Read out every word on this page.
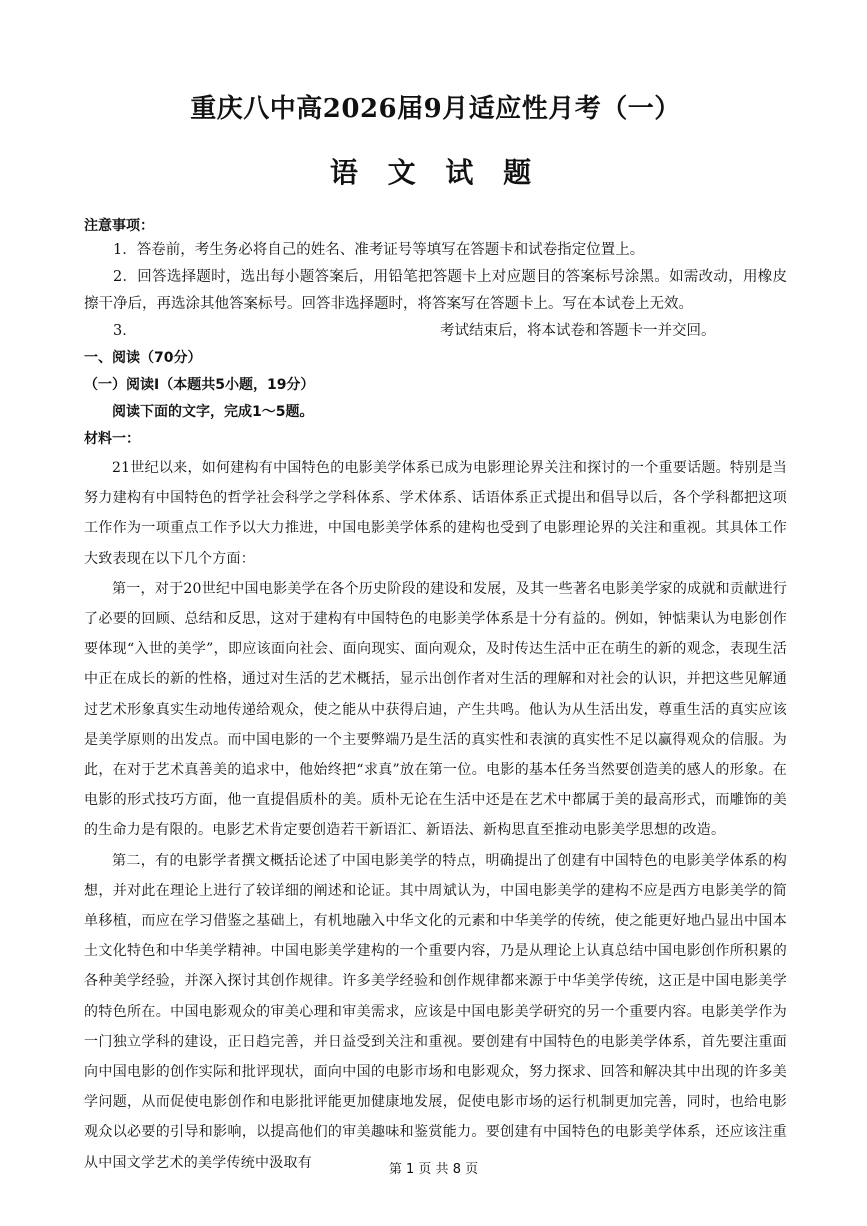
重庆八中高2026届9月适应性月考（一）
语 文 试 题
注意事项：

1．答卷前，考生务必将自己的姓名、准考证号等填写在答题卡和试卷指定位置上。

2．回答选择题时，选出每小题答案后，用铅笔把答题卡上对应题目的答案标号涂黑。如需改动，用橡皮擦干净后，再选涂其他答案标号。回答非选择题时，将答案写在答题卡上。写在本试卷上无效。

3．	考试结束后，将本试卷和答题卡一并交回。
一、阅读（70分）
（一）阅读Ⅰ（本题共5小题，19分）
阅读下面的文字，完成1～5题。
材料一：

21世纪以来，如何建构有中国特色的电影美学体系已成为电影理论界关注和探讨的一个重要话题。特别是当努力建构有中国特色的哲学社会科学之学科体系、学术体系、话语体系正式提出和倡导以后，各个学科都把这项工作作为一项重点工作予以大力推进，中国电影美学体系的建构也受到了电影理论界的关注和重视。其具体工作大致表现在以下几个方面：

第一，对于20世纪中国电影美学在各个历史阶段的建设和发展，及其一些著名电影美学家的成就和贡献进行了必要的回顾、总结和反思，这对于建构有中国特色的电影美学体系是十分有益的。例如，钟惦棐认为电影创作要体现“入世的美学”，即应该面向社会、面向现实、面向观众，及时传达生活中正在萌生的新的观念，表现生活中正在成长的新的性格，通过对生活的艺术概括，显示出创作者对生活的理解和对社会的认识，并把这些见解通过艺术形象真实生动地传递给观众，使之能从中获得启迪，产生共鸣。他认为从生活出发，尊重生活的真实应该是美学原则的出发点。而中国电影的一个主要弊端乃是生活的真实性和表演的真实性不足以赢得观众的信服。为此，在对于艺术真善美的追求中，他始终把“求真”放在第一位。电影的基本任务当然要创造美的感人的形象。在电影的形式技巧方面，他一直提倡质朴的美。质朴无论在生活中还是在艺术中都属于美的最高形式，而雕饰的美的生命力是有限的。电影艺术肯定要创造若干新语汇、新语法、新构思直至推动电影美学思想的改造。

第二，有的电影学者撰文概括论述了中国电影美学的特点，明确提出了创建有中国特色的电影美学体系的构想，并对此在理论上进行了较详细的阐述和论证。其中周斌认为，中国电影美学的建构不应是西方电影美学的简单移植，而应在学习借鉴之基础上，有机地融入中华文化的元素和中华美学的传统，使之能更好地凸显出中国本土文化特色和中华美学精神。中国电影美学建构的一个重要内容，乃是从理论上认真总结中国电影创作所积累的各种美学经验，并深入探讨其创作规律。许多美学经验和创作规律都来源于中华美学传统，这正是中国电影美学的特色所在。中国电影观众的审美心理和审美需求，应该是中国电影美学研究的另一个重要内容。电影美学作为一门独立学科的建设，正日趋完善，并日益受到关注和重视。要创建有中国特色的电影美学体系，首先要注重面向中国电影的创作实际和批评现状，面向中国的电影市场和电影观众，努力探求、回答和解决其中出现的许多美学问题，从而促使电影创作和电影批评能更加健康地发展，促使电影市场的运行机制更加完善，同时，也给电影观众以必要的引导和影响，以提高他们的审美趣味和鉴赏能力。要创建有中国特色的电影美学体系，还应该注重从中国文学艺术的美学传统中汲取有	第 1 页 共 8 页
